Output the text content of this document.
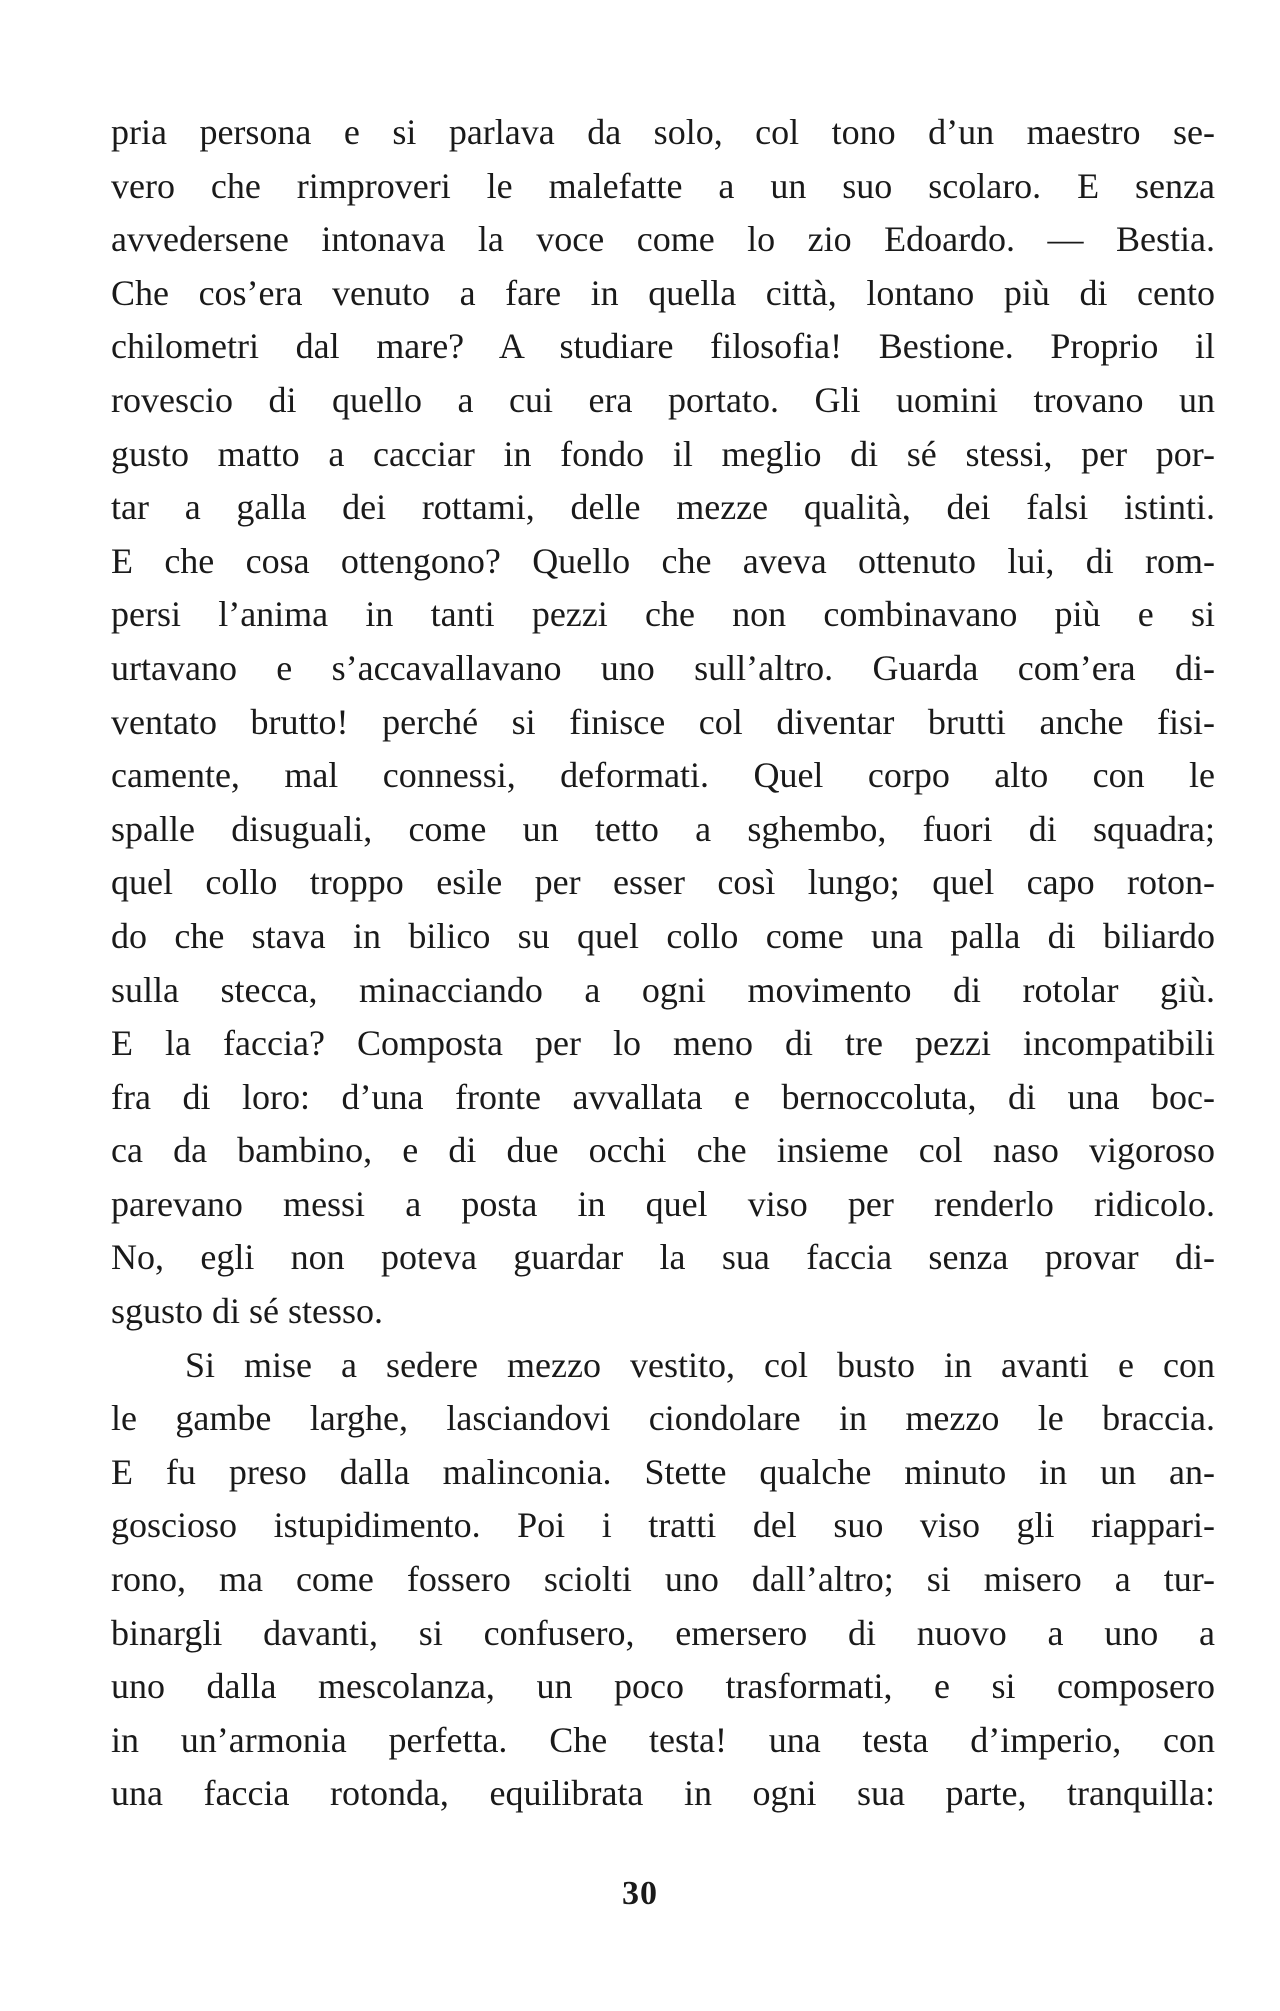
pria persona e si parlava da solo, col tono d’un maestro se-
vero che rimproveri le malefatte a un suo scolaro. E senza
avvedersene intonava la voce come lo zio Edoardo. — Bestia.
Che cos’era venuto a fare in quella città, lontano più di cento
chilometri dal mare? A studiare filosofia! Bestione. Proprio il
rovescio di quello a cui era portato. Gli uomini trovano un
gusto matto a cacciar in fondo il meglio di sé stessi, per por-
tar a galla dei rottami, delle mezze qualità, dei falsi istinti.
E che cosa ottengono? Quello che aveva ottenuto lui, di rom-
persi l’anima in tanti pezzi che non combinavano più e si
urtavano e s’accavallavano uno sull’altro. Guarda com’era di-
ventato brutto! perché si finisce col diventar brutti anche fisi-
camente, mal connessi, deformati. Quel corpo alto con le
spalle disuguali, come un tetto a sghembo, fuori di squadra;
quel collo troppo esile per esser così lungo; quel capo roton-
do che stava in bilico su quel collo come una palla di biliardo
sulla stecca, minacciando a ogni movimento di rotolar giù.
E la faccia? Composta per lo meno di tre pezzi incompatibili
fra di loro: d’una fronte avvallata e bernoccoluta, di una boc-
ca da bambino, e di due occhi che insieme col naso vigoroso
parevano messi a posta in quel viso per renderlo ridicolo.
No, egli non poteva guardar la sua faccia senza provar di-
sgusto di sé stesso.

Si mise a sedere mezzo vestito, col busto in avanti e con
le gambe larghe, lasciandovi ciondolare in mezzo le braccia.
E fu preso dalla malinconia. Stette qualche minuto in un an-
goscioso istupidimento. Poi i tratti del suo viso gli riappari-
rono, ma come fossero sciolti uno dall’altro; si misero a tur-
binargli davanti, si confusero, emersero di nuovo a uno a
uno dalla mescolanza, un poco trasformati, e si composero
in un’armonia perfetta. Che testa! una testa d’imperio, con
una faccia rotonda, equilibrata in ogni sua parte, tranquilla:

30
